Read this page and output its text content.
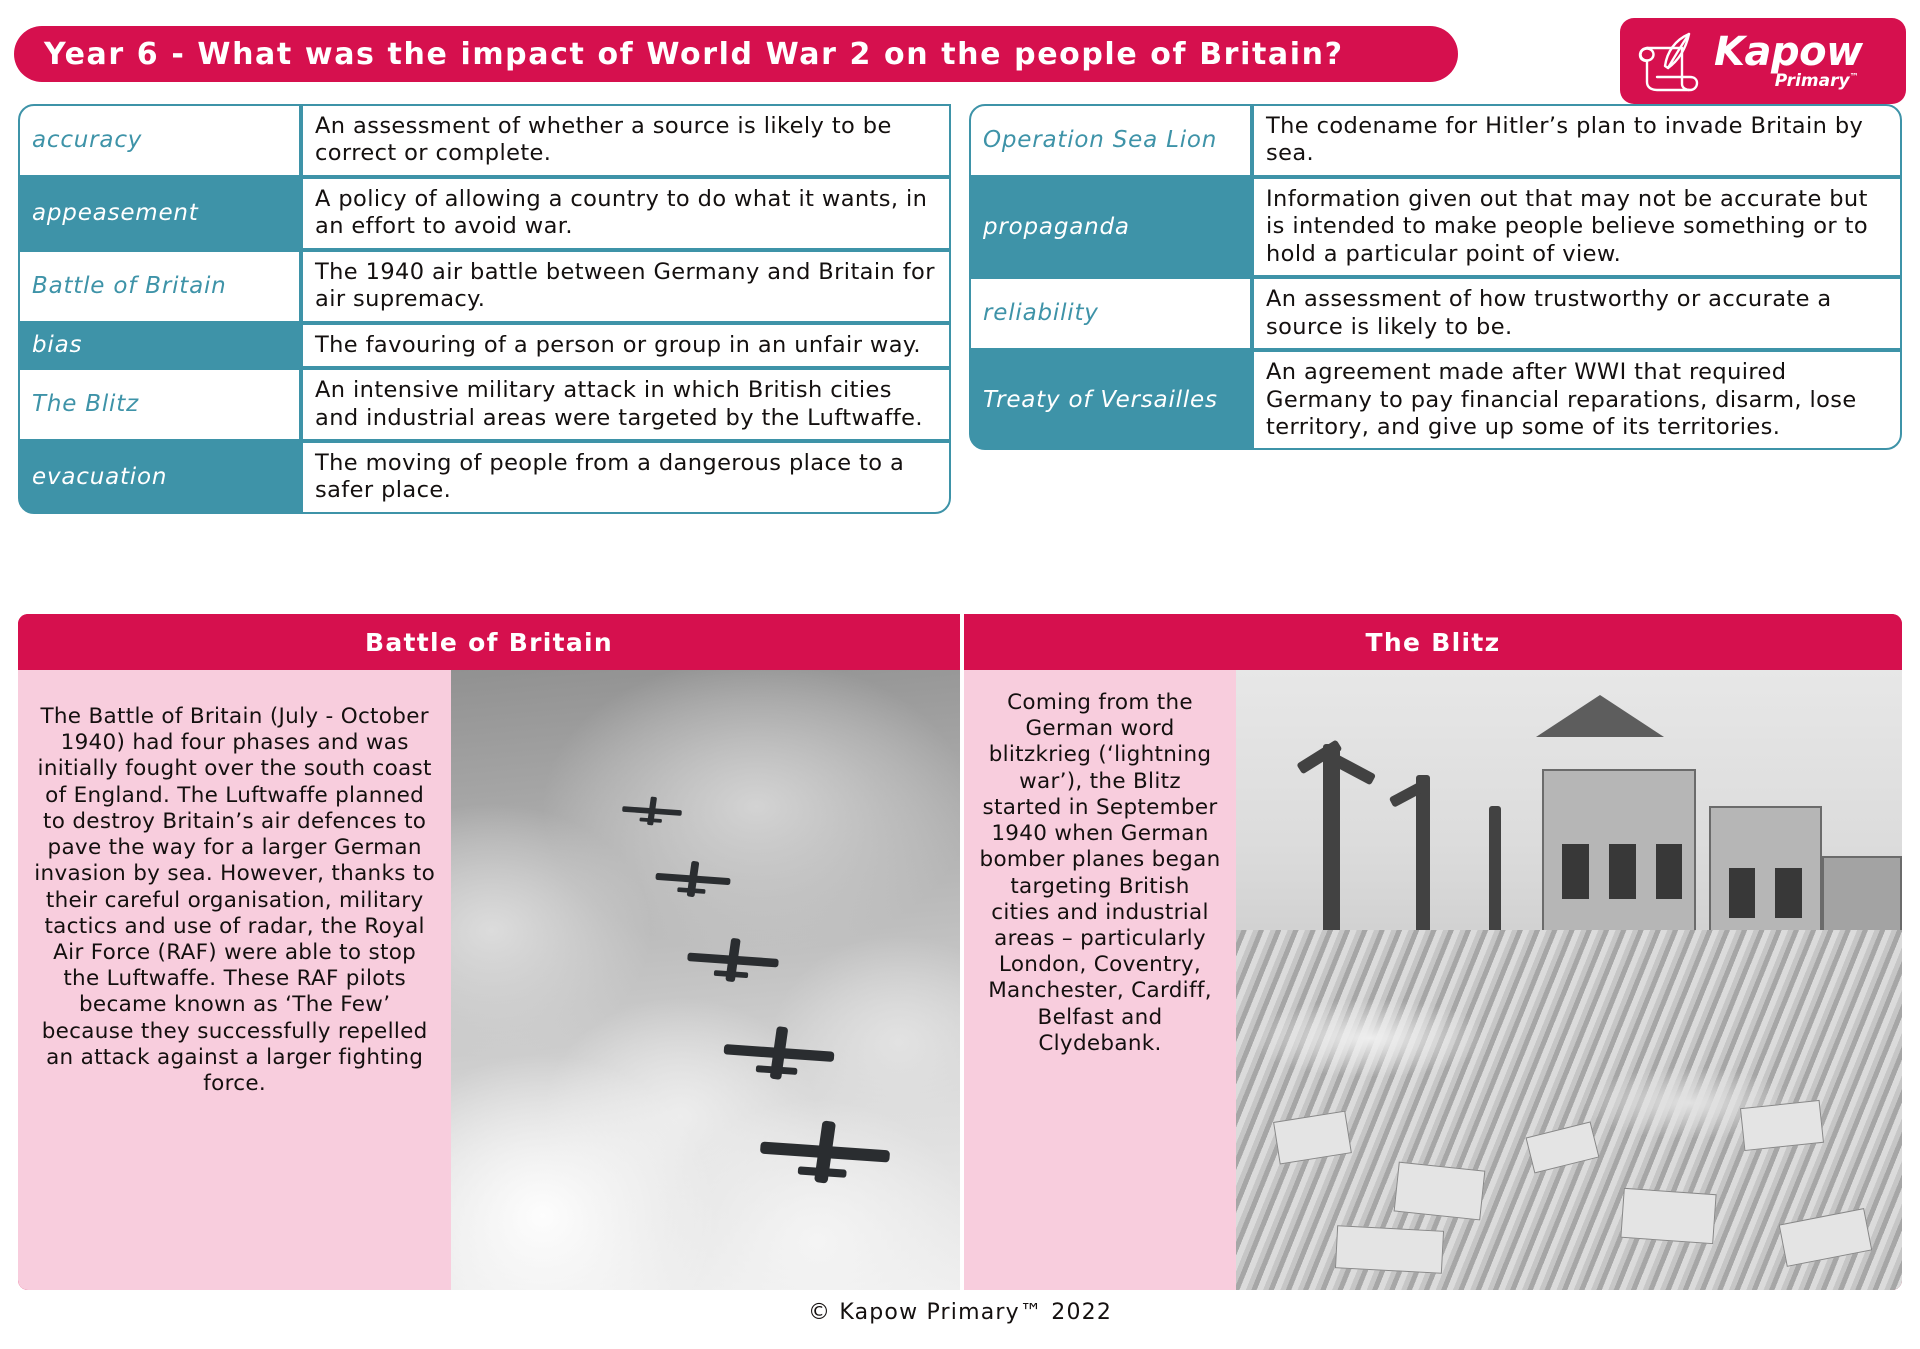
Year 6 - What was the impact of World War 2 on the people of Britain?	Kapow
Primary™
accuracy	An assessment of whether a source is likely to be correct or complete.
appeasement	A policy of allowing a country to do what it wants, in an effort to avoid war.
Battle of Britain	The 1940 air battle between Germany and Britain for air supremacy.
bias	The favouring of a person or group in an unfair way.
The Blitz	An intensive military attack in which British cities and industrial areas were targeted by the Luftwaffe.
evacuation	The moving of people from a dangerous place to a safer place.
Operation Sea Lion	The codename for Hitler’s plan to invade Britain by sea.
propaganda	Information given out that may not be accurate but is intended to make people believe something or to hold a particular point of view.
reliability	An assessment of how trustworthy or accurate a source is likely to be.
Treaty of Versailles	An agreement made after WWI that required Germany to pay financial reparations, disarm, lose territory, and give up some of its territories.
Battle of Britain
The Battle of Britain (July - October 1940) had four phases and was initially fought over the south coast of England. The Luftwaffe planned to destroy Britain’s air defences to pave the way for a larger German invasion by sea. However, thanks to their careful organisation, military tactics and use of radar, the Royal Air Force (RAF) were able to stop the Luftwaffe. These RAF pilots became known as ‘The Few’ because they successfully repelled an attack against a larger fighting force.
The Blitz
Coming from the German word blitzkrieg (‘lightning war’), the Blitz started in September 1940 when German bomber planes began targeting British cities and industrial areas – particularly London, Coventry, Manchester, Cardiff, Belfast and Clydebank.
© Kapow Primary™ 2022
